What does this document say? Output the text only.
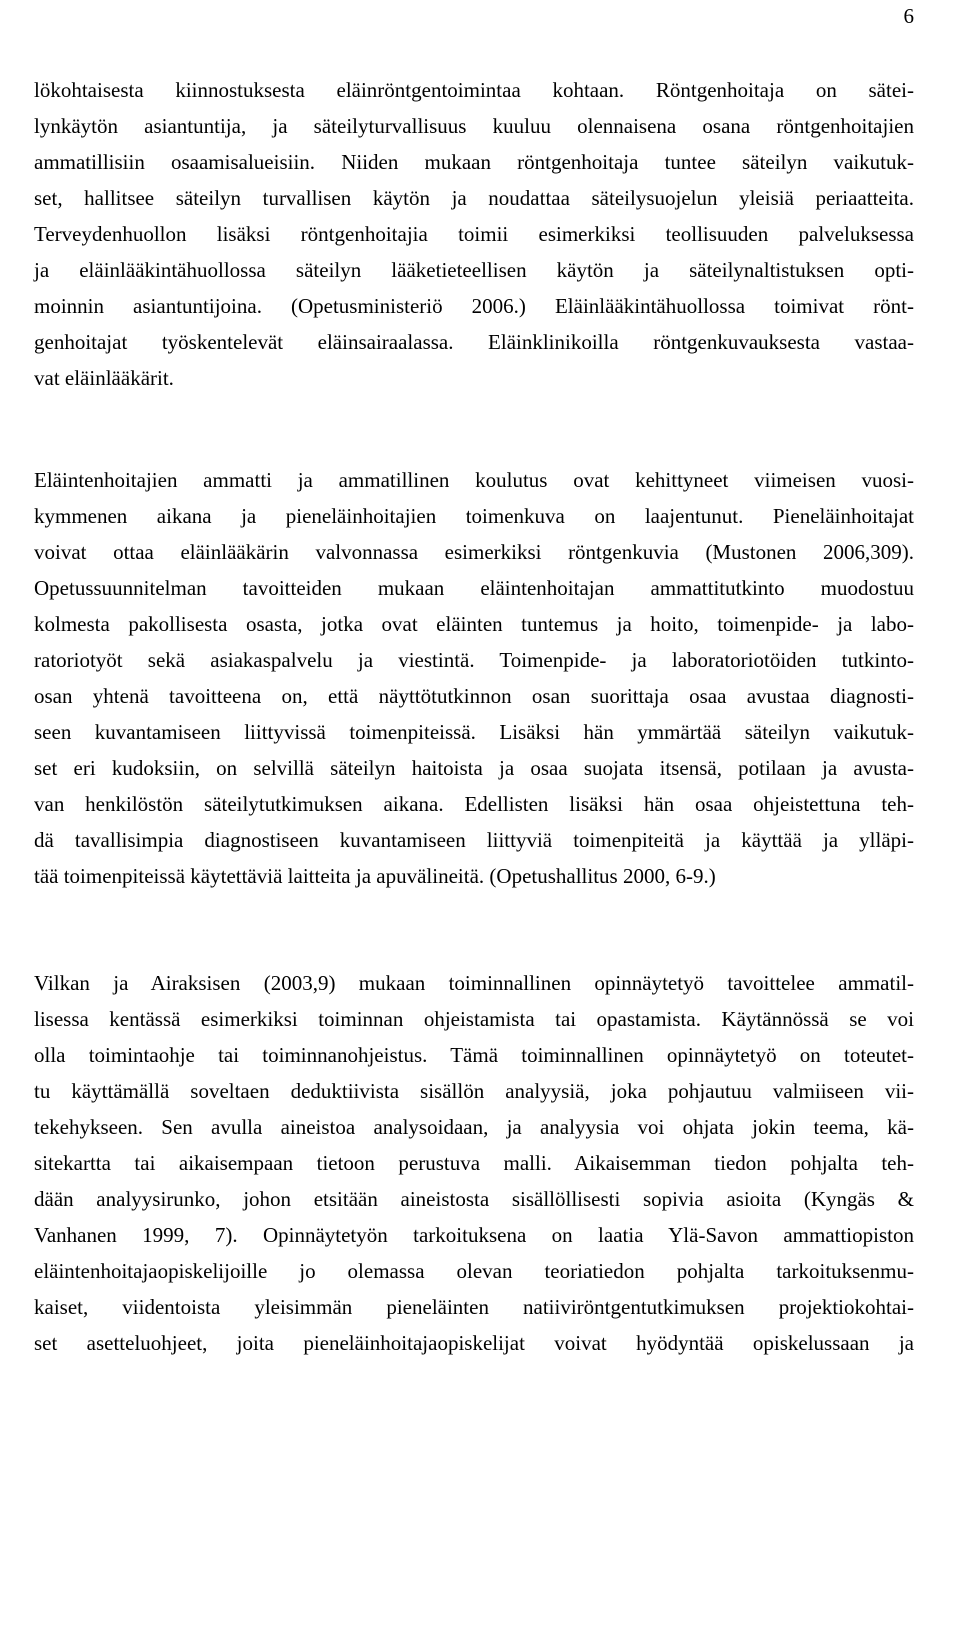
6
lökohtaisesta kiinnostuksesta eläinröntgentoimintaa kohtaan. Röntgenhoitaja on sätei-
lynkäytön asiantuntija, ja säteilyturvallisuus kuuluu olennaisena osana röntgenhoitajien
ammatillisiin osaamisalueisiin. Niiden mukaan röntgenhoitaja tuntee säteilyn vaikutuk-
set, hallitsee säteilyn turvallisen käytön ja noudattaa säteilysuojelun yleisiä periaatteita.
Terveydenhuollon lisäksi röntgenhoitajia toimii esimerkiksi teollisuuden palveluksessa
ja eläinlääkintähuollossa säteilyn lääketieteellisen käytön ja säteilynaltistuksen opti-
moinnin asiantuntijoina. (Opetusministeriö 2006.) Eläinlääkintähuollossa toimivat rönt-
genhoitajat työskentelevät eläinsairaalassa. Eläinklinikoilla röntgenkuvauksesta vastaa-
vat eläinlääkärit.
Eläintenhoitajien ammatti ja ammatillinen koulutus ovat kehittyneet viimeisen vuosi-
kymmenen aikana ja pieneläinhoitajien toimenkuva on laajentunut. Pieneläinhoitajat
voivat ottaa eläinlääkärin valvonnassa esimerkiksi röntgenkuvia (Mustonen 2006,309).
Opetussuunnitelman tavoitteiden mukaan eläintenhoitajan ammattitutkinto muodostuu
kolmesta pakollisesta osasta, jotka ovat eläinten tuntemus ja hoito, toimenpide- ja labo-
ratoriotyöt sekä asiakaspalvelu ja viestintä. Toimenpide- ja laboratoriotöiden tutkinto-
osan yhtenä tavoitteena on, että näyttötutkinnon osan suorittaja osaa avustaa diagnosti-
seen kuvantamiseen liittyvissä toimenpiteissä. Lisäksi hän ymmärtää säteilyn vaikutuk-
set eri kudoksiin, on selvillä säteilyn haitoista ja osaa suojata itsensä, potilaan ja avusta-
van henkilöstön säteilytutkimuksen aikana. Edellisten lisäksi hän osaa ohjeistettuna teh-
dä tavallisimpia diagnostiseen kuvantamiseen liittyviä toimenpiteitä ja käyttää ja ylläpi-
tää toimenpiteissä käytettäviä laitteita ja apuvälineitä. (Opetushallitus 2000, 6-9.)
Vilkan ja Airaksisen (2003,9) mukaan toiminnallinen opinnäytetyö tavoittelee ammatil-
lisessa kentässä esimerkiksi toiminnan ohjeistamista tai opastamista. Käytännössä se voi
olla toimintaohje tai toiminnanohjeistus. Tämä toiminnallinen opinnäytetyö on toteutet-
tu käyttämällä soveltaen deduktiivista sisällön analyysiä, joka pohjautuu valmiiseen vii-
tekehykseen. Sen avulla aineistoa analysoidaan, ja analyysia voi ohjata jokin teema, kä-
sitekartta tai aikaisempaan tietoon perustuva malli. Aikaisemman tiedon pohjalta teh-
dään analyysirunko, johon etsitään aineistosta sisällöllisesti sopivia asioita (Kyngäs &
Vanhanen 1999, 7). Opinnäytetyön tarkoituksena on laatia Ylä-Savon ammattiopiston
eläintenhoitajaopiskelijoille jo olemassa olevan teoriatiedon pohjalta tarkoituksenmu-
kaiset, viidentoista yleisimmän pieneläinten natiiviröntgentutkimuksen projektiokohtai-
set asetteluohjeet, joita pieneläinhoitajaopiskelijat voivat hyödyntää opiskelussaan ja
